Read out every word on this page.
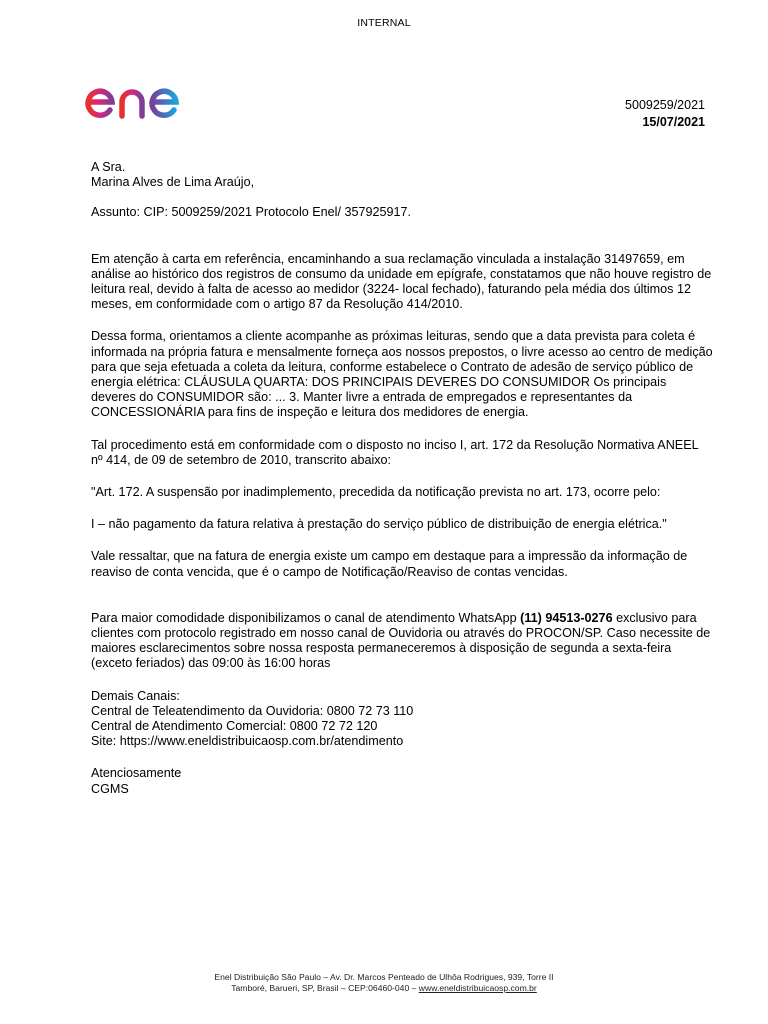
INTERNAL
5009259/2021
15/07/2021

A Sra.

Marina Alves de Lima Araújo,

Assunto: CIP: 5009259/2021 Protocolo Enel/ 357925917.

Em atenção à carta em referência, encaminhando a sua reclamação vinculada a instalação 31497659, em análise ao histórico dos registros de consumo da unidade em epígrafe, constatamos que não houve registro de leitura real, devido à falta de acesso ao medidor (3224- local fechado), faturando pela média dos últimos 12 meses, em conformidade com o artigo 87 da Resolução 414/2010.

Dessa forma, orientamos a cliente acompanhe as próximas leituras, sendo que a data prevista para coleta é informada na própria fatura e mensalmente forneça aos nossos prepostos, o livre acesso ao centro de medição para que seja efetuada a coleta da leitura, conforme estabelece o Contrato de adesão de serviço público de energia elétrica: CLÁUSULA QUARTA: DOS PRINCIPAIS DEVERES DO CONSUMIDOR Os principais deveres do CONSUMIDOR são: ... 3. Manter livre a entrada de empregados e representantes da CONCESSIONÁRIA para fins de inspeção e leitura dos medidores de energia.

Tal procedimento está em conformidade com o disposto no inciso I, art. 172 da Resolução Normativa ANEEL nº 414, de 09 de setembro de 2010, transcrito abaixo:

"Art. 172. A suspensão por inadimplemento, precedida da notificação prevista no art. 173, ocorre pelo:

I – não pagamento da fatura relativa à prestação do serviço público de distribuição de energia elétrica."

Vale ressaltar, que na fatura de energia existe um campo em destaque para a impressão da informação de reaviso de conta vencida, que é o campo de Notificação/Reaviso de contas vencidas.

Para maior comodidade disponibilizamos o canal de atendimento WhatsApp (11) 94513-0276 exclusivo para clientes com protocolo registrado em nosso canal de Ouvidoria ou através do PROCON/SP. Caso necessite de maiores esclarecimentos sobre nossa resposta permaneceremos à disposição de segunda a sexta-feira (exceto feriados) das 09:00 às 16:00 horas

Demais Canais:

Central de Teleatendimento da Ouvidoria: 0800 72 73 110

Central de Atendimento Comercial: 0800 72 72 120

Site: https://www.eneldistribuicaosp.com.br/atendimento

Atenciosamente

CGMS

Enel Distribuição São Paulo – Av. Dr. Marcos Penteado de Ulhôa Rodrigues, 939, Torre II
Tamboré, Barueri, SP, Brasil – CEP:06460-040 – www.eneldistribuicaosp.com.br
